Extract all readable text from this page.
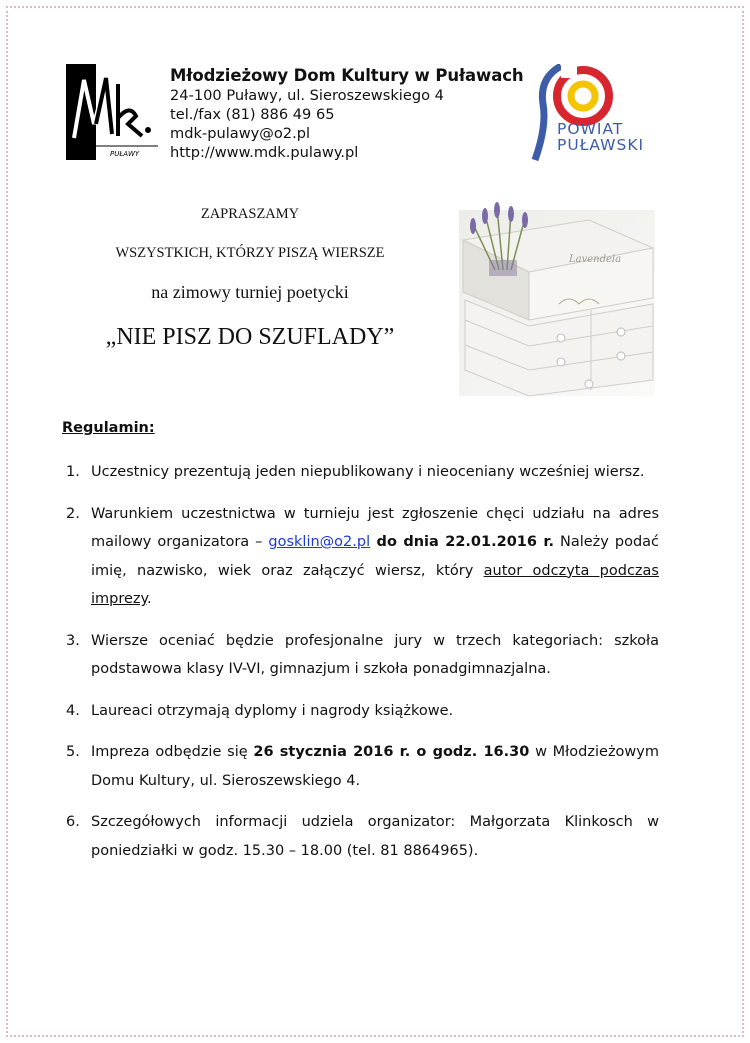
PUŁAWY
Młodzieżowy Dom Kultury w Puławach
24-100 Puławy, ul. Sieroszewskiego 4
tel./fax (81) 886 49 65
mdk-pulawy@o2.pl
http://www.mdk.pulawy.pl
POWIAT
PUŁAWSKI
ZAPRASZAMY
WSZYSTKICH, KTÓRZY PISZĄ WIERSZE
na zimowy turniej poetycki
„NIE PISZ DO SZUFLADY”
Lavendela
Regulamin:
1. Uczestnicy prezentują jeden niepublikowany i nieoceniany wcześniej wiersz.
2. Warunkiem uczestnictwa w turnieju jest zgłoszenie chęci udziału na adres mailowy organizatora – gosklin@o2.pl do dnia 22.01.2016 r. Należy podać imię, nazwisko, wiek oraz załączyć wiersz, który autor odczyta podczas imprezy.
3. Wiersze oceniać będzie profesjonalne jury w trzech kategoriach: szkoła podstawowa klasy IV-VI, gimnazjum i szkoła ponadgimnazjalna.
4. Laureaci otrzymają dyplomy i nagrody książkowe.
5. Impreza odbędzie się 26 stycznia 2016 r. o godz. 16.30 w Młodzieżowym Domu Kultury, ul. Sieroszewskiego 4.
6. Szczegółowych informacji udziela organizator: Małgorzata Klinkosch w poniedziałki w godz. 15.30 – 18.00 (tel. 81 8864965).
